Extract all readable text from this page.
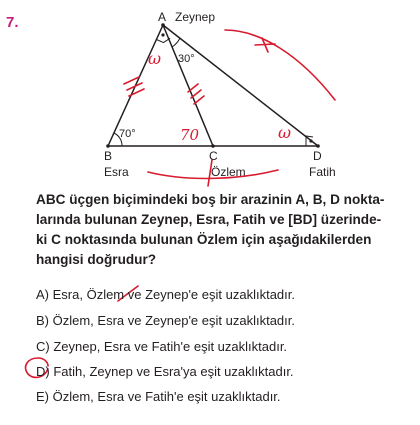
7.	A Zeynep
B
Esra
C
Özlem
D
Fatih
70°
30°
ω
70	ω
ABC üçgen biçimindeki boş bir arazinin A, B, D nokta-
larında bulunan Zeynep, Esra, Fatih ve [BD] üzerinde-
ki C noktasında bulunan Özlem için aşağıdakilerden
hangisi doğrudur?
A) Esra, Özlem ve Zeynep'e eşit uzaklıktadır.
B) Özlem, Esra ve Zeynep'e eşit uzaklıktadır.
C) Zeynep, Esra ve Fatih'e eşit uzaklıktadır.
D) Fatih, Zeynep ve Esra'ya eşit uzaklıktadır.
E) Özlem, Esra ve Fatih'e eşit uzaklıktadır.
